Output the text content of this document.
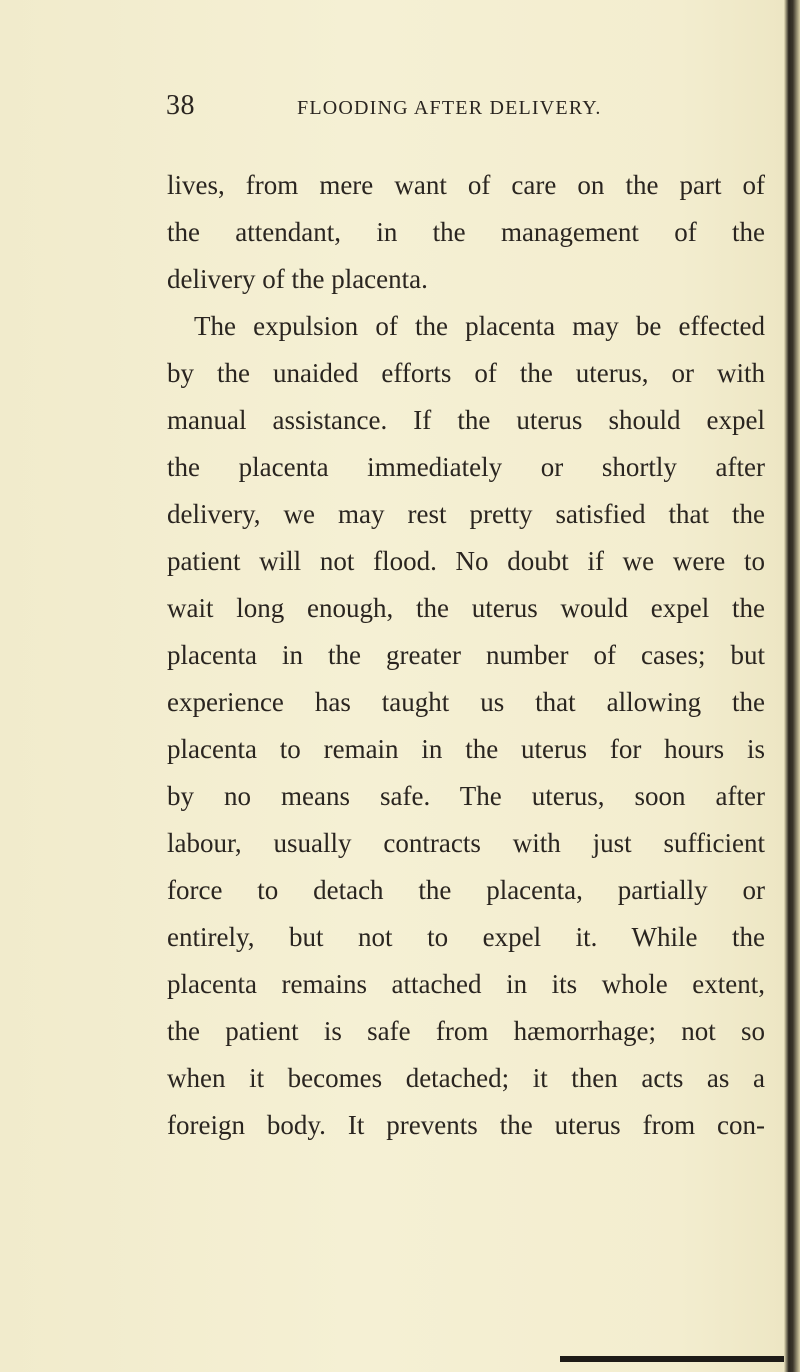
38	FLOODING AFTER DELIVERY.
lives, from mere want of care on the part of
the attendant, in the management of the
delivery of the placenta.
The expulsion of the placenta may be effected
by the unaided efforts of the uterus, or with
manual assistance. If the uterus should expel
the placenta immediately or shortly after
delivery, we may rest pretty satisfied that the
patient will not flood. No doubt if we were to
wait long enough, the uterus would expel the
placenta in the greater number of cases; but
experience has taught us that allowing the
placenta to remain in the uterus for hours is
by no means safe. The uterus, soon after
labour, usually contracts with just sufficient
force to detach the placenta, partially or
entirely, but not to expel it. While the
placenta remains attached in its whole extent,
the patient is safe from hæmorrhage; not so
when it becomes detached; it then acts as a
foreign body. It prevents the uterus from con-
